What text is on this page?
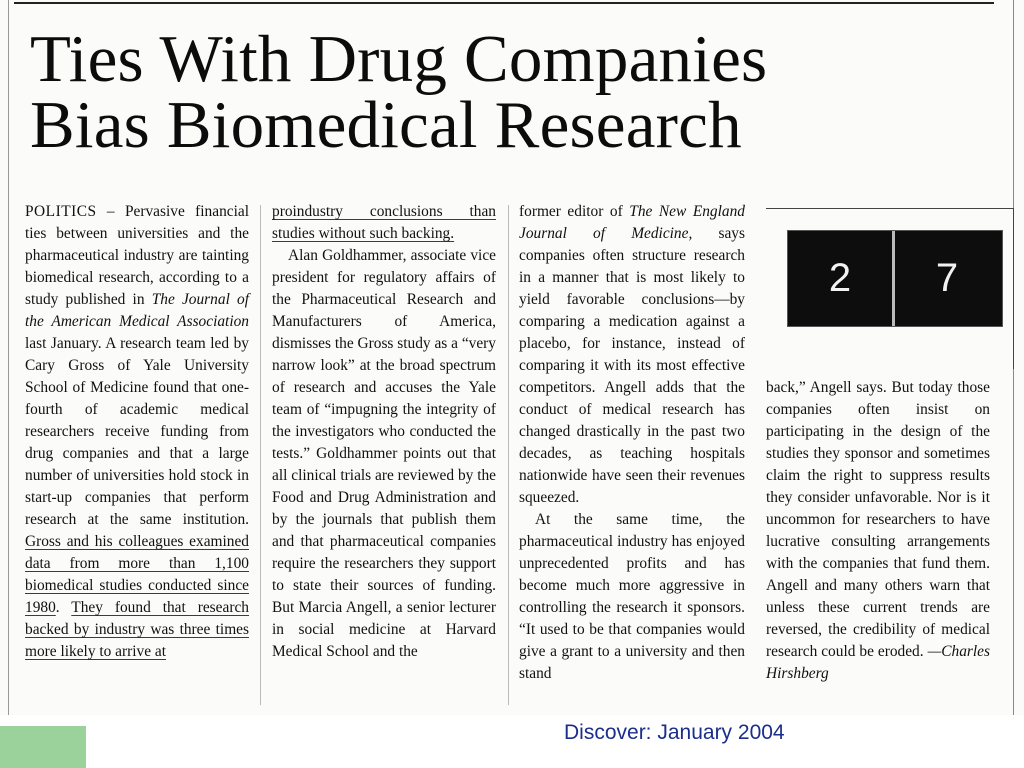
Ties With Drug Companies
Bias Biomedical Research

POLITICS – Pervasive financial ties between universities and the pharmaceutical industry are tainting biomedical research, according to a study published in The Journal of the American Medical Association last January. A research team led by Cary Gross of Yale University School of Medicine found that one-fourth of academic medical researchers receive funding from drug companies and that a large number of universities hold stock in start-up companies that perform research at the same institution. Gross and his colleagues examined data from more than 1,100 biomedical studies conducted since 1980. They found that research backed by industry was three times more likely to arrive at

proindustry conclusions than studies without such backing.

Alan Goldhammer, associate vice president for regulatory affairs of the Pharmaceutical Research and Manufacturers of America, dismisses the Gross study as a “very narrow look” at the broad spectrum of research and accuses the Yale team of “impugning the integrity of the investigators who conducted the tests.” Goldhammer points out that all clinical trials are reviewed by the Food and Drug Administration and by the journals that publish them and that pharmaceutical companies require the researchers they support to state their sources of funding. But Marcia Angell, a senior lecturer in social medicine at Harvard Medical School and the

former editor of The New England Journal of Medicine, says companies often structure research in a manner that is most likely to yield favorable conclusions—by comparing a medication against a placebo, for instance, instead of comparing it with its most effective competitors. Angell adds that the conduct of medical research has changed drastically in the past two decades, as teaching hospitals nationwide have seen their revenues squeezed.

At the same time, the pharmaceutical industry has enjoyed unprecedented profits and has become much more aggressive in controlling the research it sponsors. “It used to be that companies would give a grant to a university and then stand

2	7

back,” Angell says. But today those companies often insist on participating in the design of the studies they sponsor and sometimes claim the right to suppress results they consider unfavorable. Nor is it uncommon for researchers to have lucrative consulting arrangements with the companies that fund them. Angell and many others warn that unless these current trends are reversed, the credibility of medical research could be eroded. —Charles Hirshberg

Discover: January 2004
